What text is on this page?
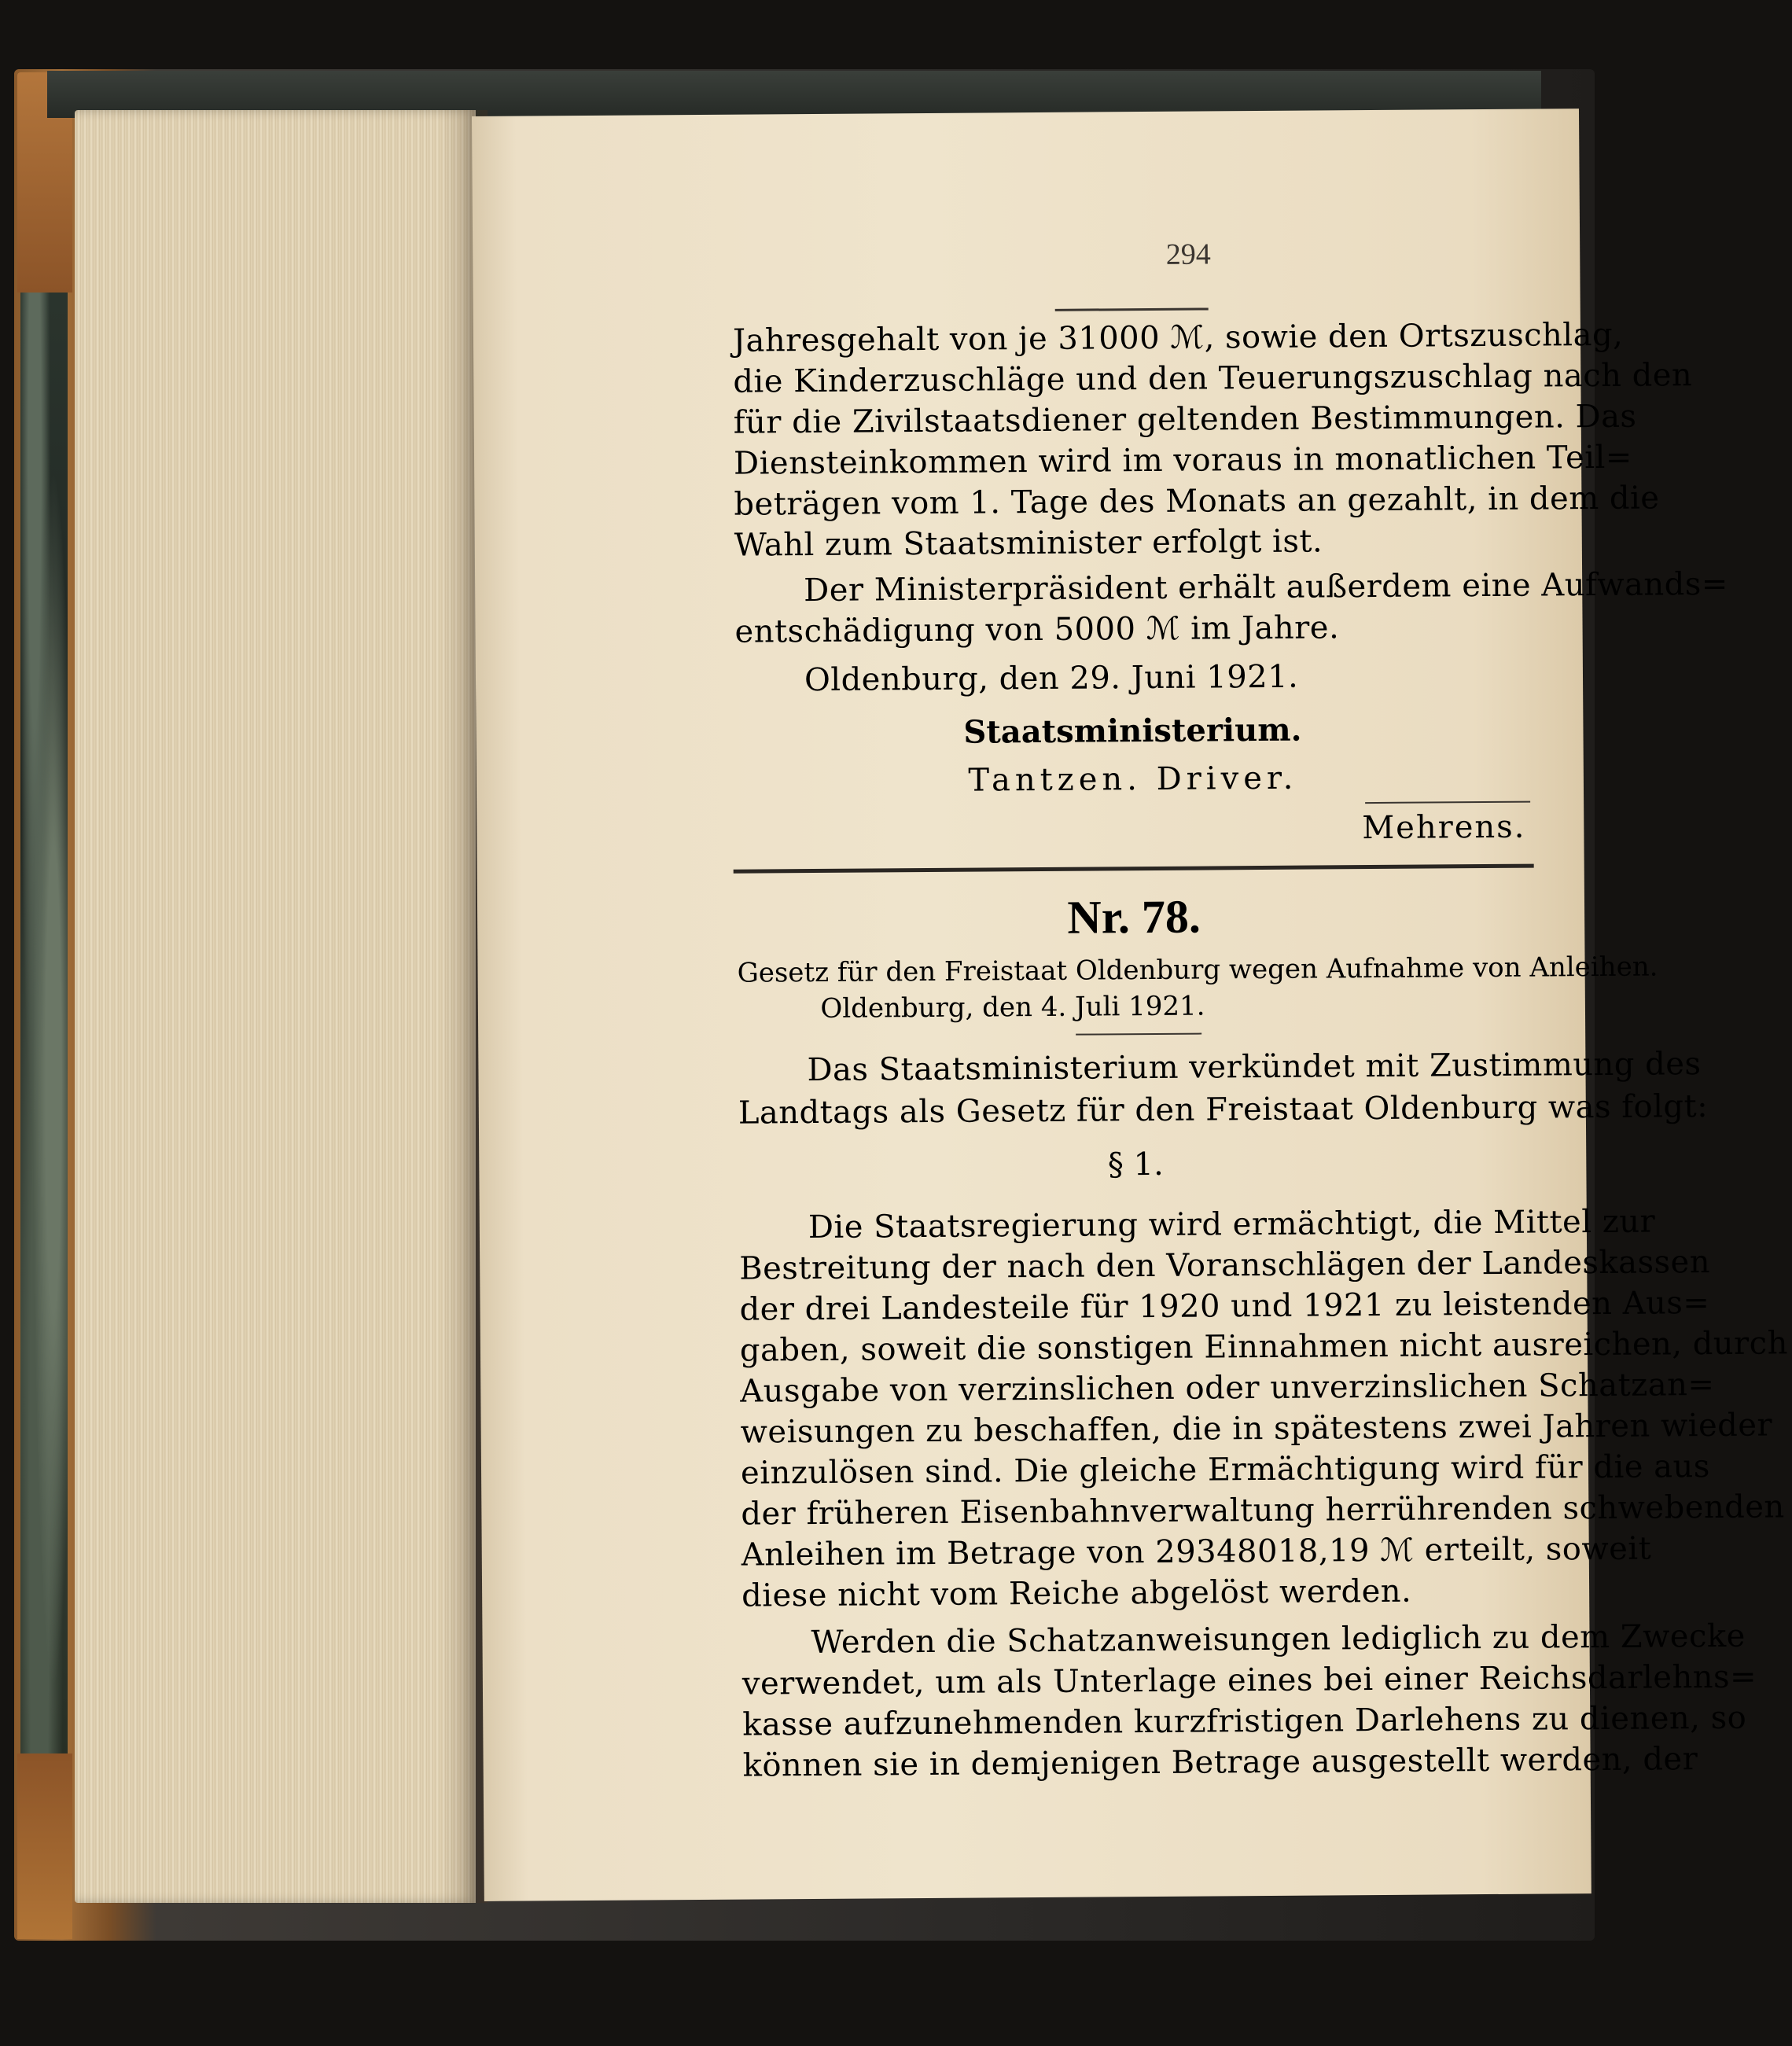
294
Jahresgehalt von je 31000 ℳ, sowie den Ortszuschlag,
die Kinderzuschläge und den Teuerungszuschlag nach den
für die Zivilstaatsdiener geltenden Bestimmungen. Das
Diensteinkommen wird im voraus in monatlichen Teil=
beträgen vom 1. Tage des Monats an gezahlt, in dem die
Wahl zum Staatsminister erfolgt ist.
Der Ministerpräsident erhält außerdem eine Aufwands=
entschädigung von 5000 ℳ im Jahre.
Oldenburg, den 29. Juni 1921.
Staatsministerium.
Tantzen. Driver.
Mehrens.
Nr. 78.
Gesetz für den Freistaat Oldenburg wegen Aufnahme von Anleihen.
Oldenburg, den 4. Juli 1921.
Das Staatsministerium verkündet mit Zustimmung des
Landtags als Gesetz für den Freistaat Oldenburg was folgt:
§ 1.
Die Staatsregierung wird ermächtigt, die Mittel zur
Bestreitung der nach den Voranschlägen der Landeskassen
der drei Landesteile für 1920 und 1921 zu leistenden Aus=
gaben, soweit die sonstigen Einnahmen nicht ausreichen, durch
Ausgabe von verzinslichen oder unverzinslichen Schatzan=
weisungen zu beschaffen, die in spätestens zwei Jahren wieder
einzulösen sind. Die gleiche Ermächtigung wird für die aus
der früheren Eisenbahnverwaltung herrührenden schwebenden
Anleihen im Betrage von 29348018,19 ℳ erteilt, soweit
diese nicht vom Reiche abgelöst werden.
Werden die Schatzanweisungen lediglich zu dem Zwecke
verwendet, um als Unterlage eines bei einer Reichsdarlehns=
kasse aufzunehmenden kurzfristigen Darlehens zu dienen, so
können sie in demjenigen Betrage ausgestellt werden, der
